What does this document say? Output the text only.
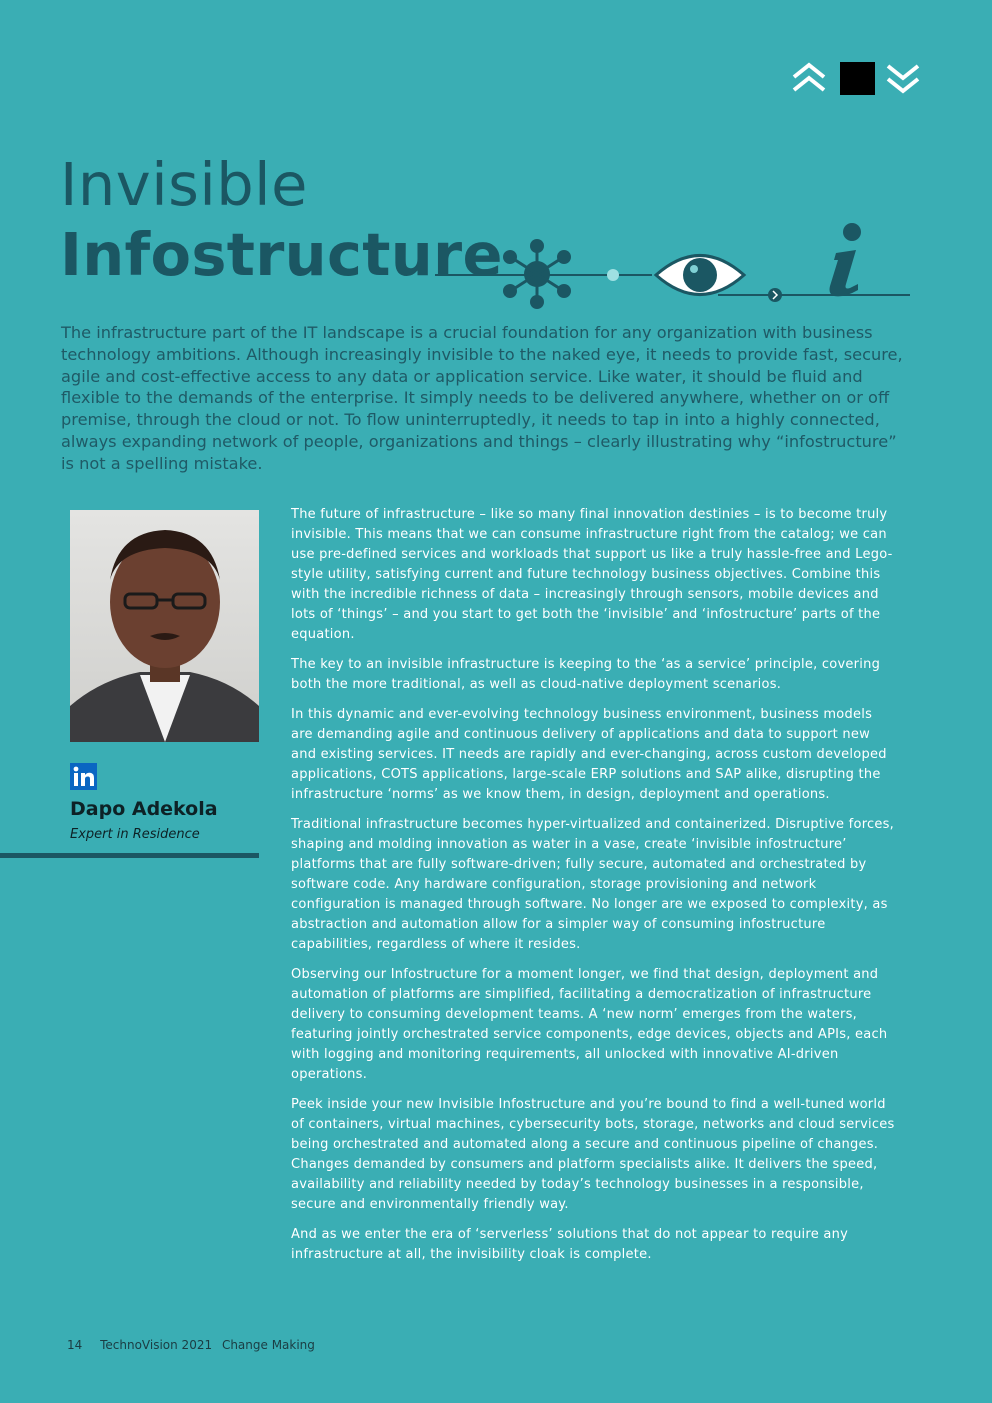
Invisible
Infostructure

The infrastructure part of the IT landscape is a crucial foundation for any organization with business technology ambitions. Although increasingly invisible to the naked eye, it needs to provide fast, secure, agile and cost-effective access to any data or application service. Like water, it should be fluid and flexible to the demands of the enterprise. It simply needs to be delivered anywhere, whether on or off premise, through the cloud or not. To flow uninterruptedly, it needs to tap in into a highly connected, always expanding network of people, organizations and things – clearly illustrating why “infostructure” is not a spelling mistake.

Dapo Adekola

Expert in Residence

The future of infrastructure – like so many final innovation destinies – is to become truly invisible. This means that we can consume infrastructure right from the catalog; we can use pre-defined services and workloads that support us like a truly hassle-free and Lego-style utility, satisfying current and future technology business objectives. Combine this with the incredible richness of data – increasingly through sensors, mobile devices and lots of ‘things’ – and you start to get both the ‘invisible’ and ‘infostructure’ parts of the equation.

The key to an invisible infrastructure is keeping to the ‘as a service’ principle, covering both the more traditional, as well as cloud-native deployment scenarios.

In this dynamic and ever-evolving technology business environment, business models are demanding agile and continuous delivery of applications and data to support new and existing services. IT needs are rapidly and ever-changing, across custom developed applications, COTS applications, large-scale ERP solutions and SAP alike, disrupting the infrastructure ‘norms’ as we know them, in design, deployment and operations.

Traditional infrastructure becomes hyper-virtualized and containerized. Disruptive forces, shaping and molding innovation as water in a vase, create ‘invisible infostructure’ platforms that are fully software-driven; fully secure, automated and orchestrated by software code. Any hardware configuration, storage provisioning and network configuration is managed through software. No longer are we exposed to complexity, as abstraction and automation allow for a simpler way of consuming infostructure capabilities, regardless of where it resides.

Observing our Infostructure for a moment longer, we find that design, deployment and automation of platforms are simplified, facilitating a democratization of infrastructure delivery to consuming development teams. A ‘new norm’ emerges from the waters, featuring jointly orchestrated service components, edge devices, objects and APIs, each with logging and monitoring requirements, all unlocked with innovative AI-driven operations.

Peek inside your new Invisible Infostructure and you’re bound to find a well-tuned world of containers, virtual machines, cybersecurity bots, storage, networks and cloud services being orchestrated and automated along a secure and continuous pipeline of changes. Changes demanded by consumers and platform specialists alike. It delivers the speed, availability and reliability needed by today’s technology businesses in a responsible, secure and environmentally friendly way.

And as we enter the era of ‘serverless’ solutions that do not appear to require any infrastructure at all, the invisibility cloak is complete.

14 TechnoVision 2021 Change Making
